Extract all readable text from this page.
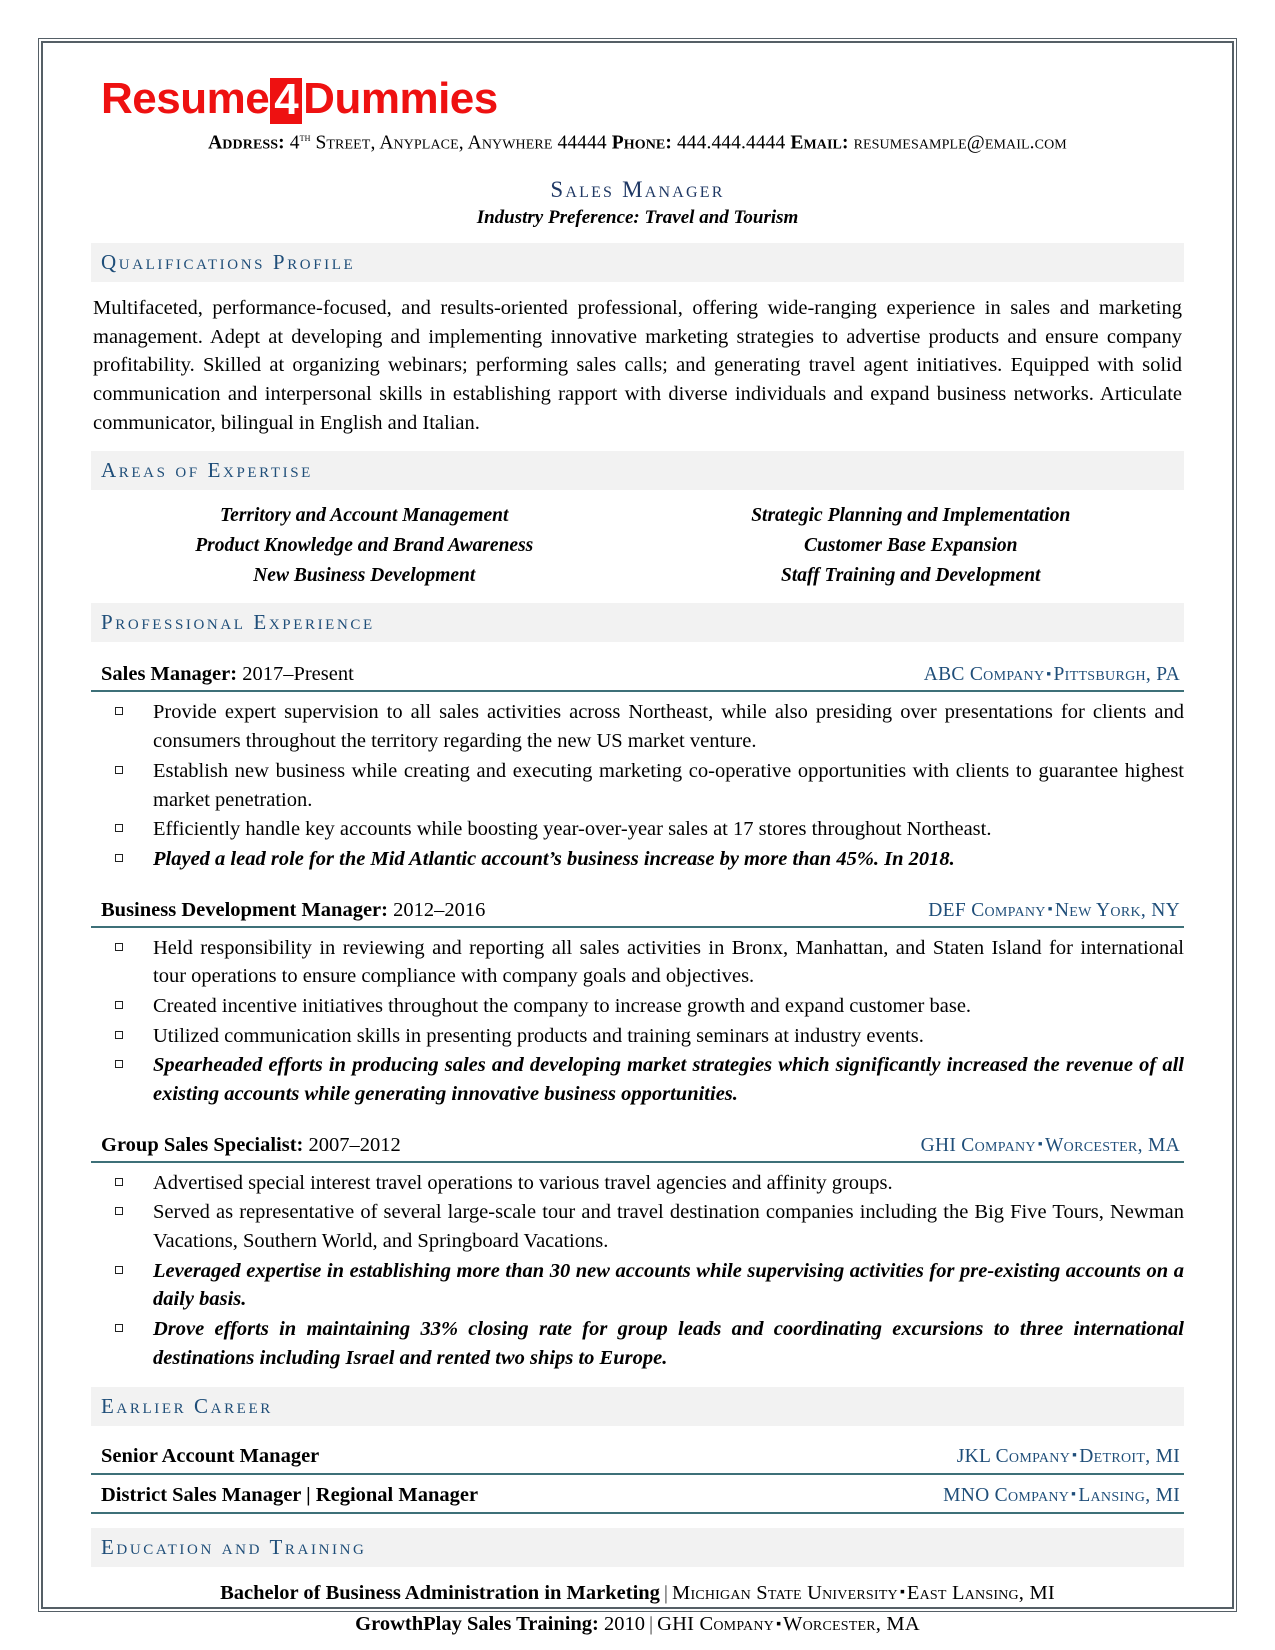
Resume 4 Dummies
Address: 4th Street, Anyplace, Anywhere 44444 Phone: 444.444.4444 Email: resumesample@email.com
Sales Manager
Industry Preference: Travel and Tourism
Qualifications Profile

Multifaceted, performance-focused, and results-oriented professional, offering wide-ranging experience in sales and marketing management. Adept at developing and implementing innovative marketing strategies to advertise products and ensure company profitability. Skilled at organizing webinars; performing sales calls; and generating travel agent initiatives. Equipped with solid communication and interpersonal skills in establishing rapport with diverse individuals and expand business networks. Articulate communicator, bilingual in English and Italian.

Areas of Expertise
Territory and Account Management	Strategic Planning and Implementation
Product Knowledge and Brand Awareness	Customer Base Expansion
New Business Development	Staff Training and Development
Professional Experience
Sales Manager: 2017–Present	ABC Company ▪ Pittsburgh, PA
Provide expert supervision to all sales activities across Northeast, while also presiding over presentations for clients and consumers throughout the territory regarding the new US market venture.
Establish new business while creating and executing marketing co-operative opportunities with clients to guarantee highest market penetration.
Efficiently handle key accounts while boosting year-over-year sales at 17 stores throughout Northeast.
Played a lead role for the Mid Atlantic account’s business increase by more than 45%. In 2018.
Business Development Manager: 2012–2016	DEF Company ▪ New York, NY
Held responsibility in reviewing and reporting all sales activities in Bronx, Manhattan, and Staten Island for international tour operations to ensure compliance with company goals and objectives.
Created incentive initiatives throughout the company to increase growth and expand customer base.
Utilized communication skills in presenting products and training seminars at industry events.
Spearheaded efforts in producing sales and developing market strategies which significantly increased the revenue of all existing accounts while generating innovative business opportunities.
Group Sales Specialist: 2007–2012	GHI Company ▪ Worcester, MA
Advertised special interest travel operations to various travel agencies and affinity groups.
Served as representative of several large-scale tour and travel destination companies including the Big Five Tours, Newman Vacations, Southern World, and Springboard Vacations.
Leveraged expertise in establishing more than 30 new accounts while supervising activities for pre-existing accounts on a daily basis.
Drove efforts in maintaining 33% closing rate for group leads and coordinating excursions to three international destinations including Israel and rented two ships to Europe.
Earlier Career
Senior Account Manager	JKL Company ▪ Detroit, MI
District Sales Manager | Regional Manager	MNO Company ▪ Lansing, MI
Education and Training
Bachelor of Business Administration in Marketing | Michigan State University ▪East Lansing, MI
GrowthPlay Sales Training: 2010 | GHI Company ▪Worcester, MA
